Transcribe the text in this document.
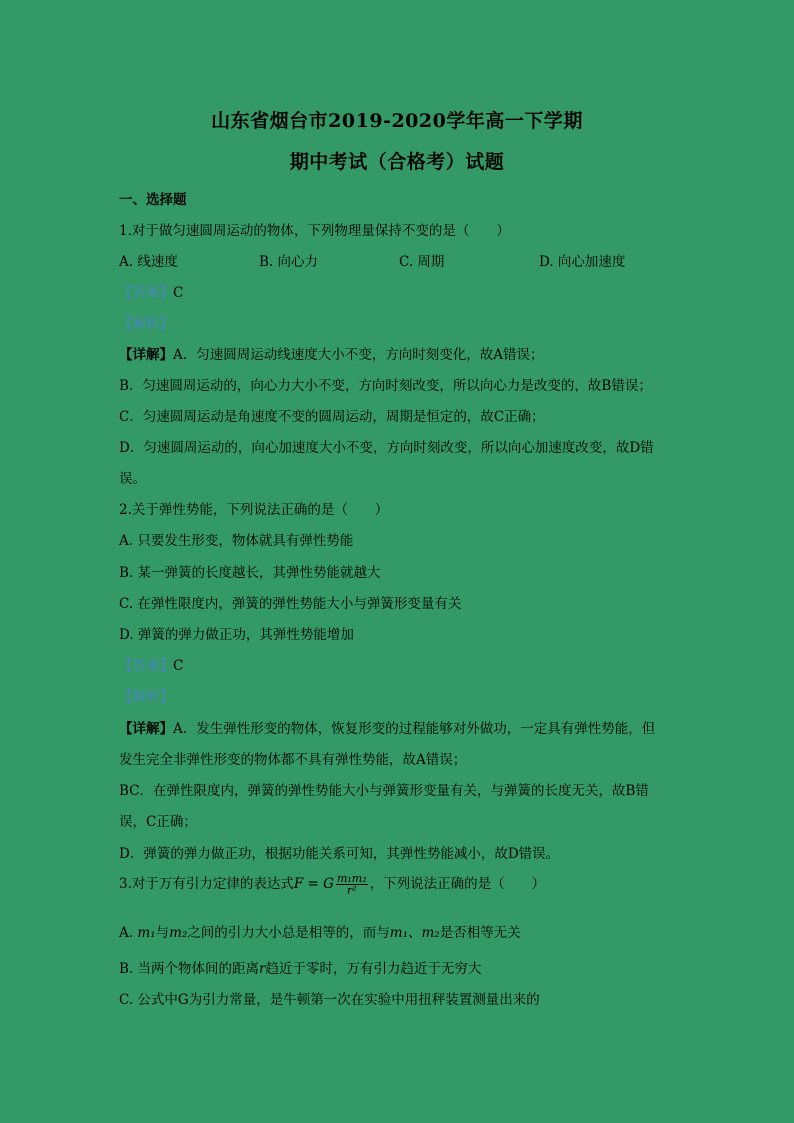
山东省烟台市2019-2020学年高一下学期
期中考试（合格考）试题
一、选择题
1.对于做匀速圆周运动的物体，下列物理量保持不变的是（　　）
A. 线速度	B. 向心力	C. 周期	D. 向心加速度
【答案】C
【解析】
【详解】A．匀速圆周运动线速度大小不变，方向时刻变化，故A错误；
B．匀速圆周运动的，向心力大小不变，方向时刻改变，所以向心力是改变的，故B错误；
C．匀速圆周运动是角速度不变的圆周运动，周期是恒定的，故C正确；
D．匀速圆周运动的，向心加速度大小不变，方向时刻改变，所以向心加速度改变，故D错
误。
2.关于弹性势能，下列说法正确的是（　　）
A. 只要发生形变，物体就具有弹性势能
B. 某一弹簧的长度越长，其弹性势能就越大
C. 在弹性限度内，弹簧的弹性势能大小与弹簧形变量有关
D. 弹簧的弹力做正功，其弹性势能增加
【答案】C
【解析】
【详解】A．发生弹性形变的物体，恢复形变的过程能够对外做功，一定具有弹性势能，但
发生完全非弹性形变的物体都不具有弹性势能，故A错误；
BC．在弹性限度内，弹簧的弹性势能大小与弹簧形变量有关，与弹簧的长度无关，故B错
误，C正确；
D．弹簧的弹力做正功，根据功能关系可知，其弹性势能减小，故D错误。
3.对于万有引力定律的表达式F = G $\frac{\text{m₁m₂}}{\text{r²}}$ ，下列说法正确的是（　　）
A. m₁与m₂之间的引力大小总是相等的，而与m₁、m₂是否相等无关
B. 当两个物体间的距离r趋近于零时，万有引力趋近于无穷大
C. 公式中G为引力常量，是牛顿第一次在实验中用扭秤装置测量出来的
